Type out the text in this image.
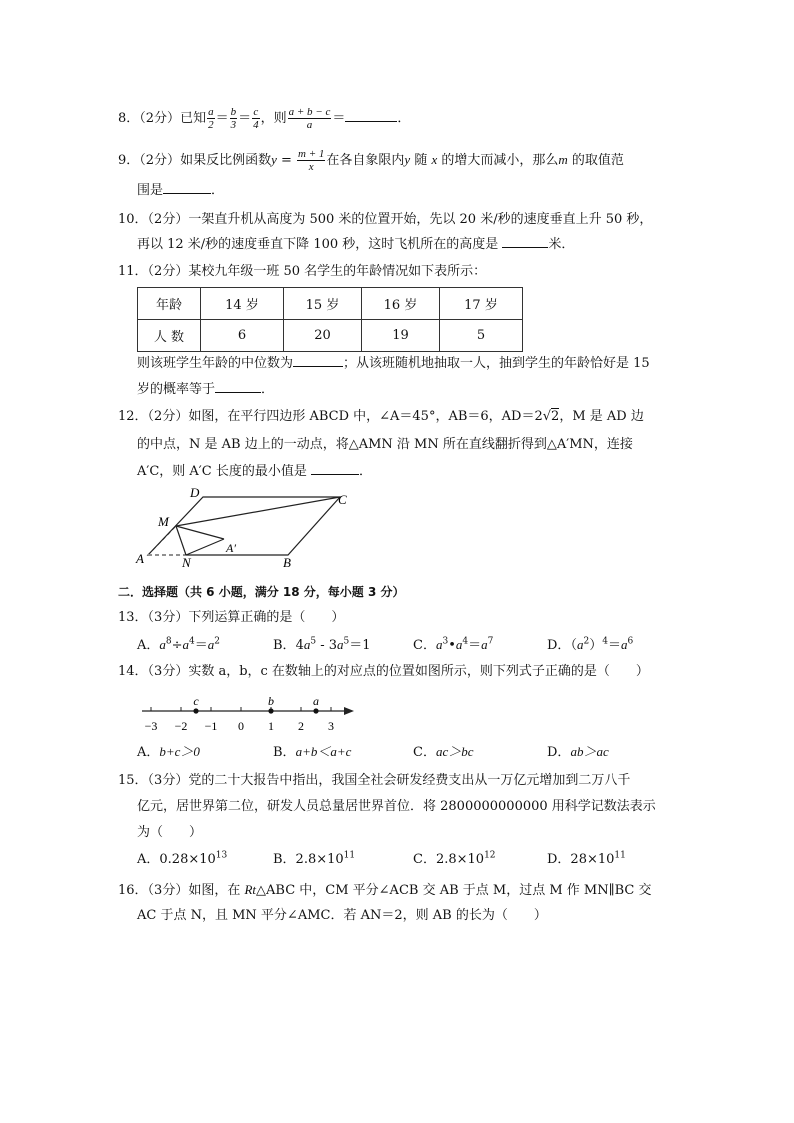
8．（2分）已知 $\frac{a}{2} = \frac{b}{3} = \frac{c}{4}$ ，则 $\frac{a + b - c}{a}$ ＝	．
9．（2分）如果反比例函数$y = \frac{m + 1}{x}$ 在各自象限内y 随 x 的增大而减小，那么m 的取值范
围是	．
10．（2分）一架直升机从高度为 500 米的位置开始，先以 20 米/秒的速度垂直上升 50 秒，
再以 12 米/秒的速度垂直下降 100 秒，这时飞机所在的高度是	米．
11．（2分）某校九年级一班 50 名学生的年龄情况如下表所示：
年龄	14 岁	15 岁	16 岁	17 岁
人 数	6	20	19	5
则该班学生年龄的中位数为	；从该班随机地抽取一人，抽到学生的年龄恰好是 15
岁的概率等于	．
12．（2分）如图，在平行四边形 ABCD 中，∠A＝45°，AB＝6，AD＝2√2，M 是 AD 边
的中点，N 是 AB 边上的一动点，将△AMN 沿 MN 所在直线翻折得到△A′MN，连接
A′C，则 A′C 长度的最小值是	．
D	C
M
A	N	B
A′
二．选择题（共 6 小题，满分 18 分，每小题 3 分）
13．（3分）下列运算正确的是（　　）
A．$a^8\div a^4=a^2$	B．$4a^5 - 3a^5=1$	C．$a^3•a^4=a^7$	D．$(a^2)^4=a^6$
14．（3分）实数 a，b，c 在数轴上的对应点的位置如图所示，则下列式子正确的是（　　）
−3 −2 −1 0 1 2 3
c	b	a
A．b+c＞0	B．a+b＜a+c	C．ac＞bc	D．ab＞ac
15．（3分）党的二十大报告中指出，我国全社会研发经费支出从一万亿元增加到二万八千
亿元，居世界第二位，研发人员总量居世界首位．将 2800000000000 用科学记数法表示
为（　　）
A．$0.28\times 10^{13}$	B．$2.8\times 10^{11}$	C．$2.8\times 10^{12}$	D．$28\times 10^{11}$
16．（3分）如图，在 Rt△ABC 中，CM 平分∠ACB 交 AB 于点 M，过点 M 作 MN∥BC 交
AC 于点 N，且 MN 平分∠AMC．若 AN＝2，则 AB 的长为（　　）
